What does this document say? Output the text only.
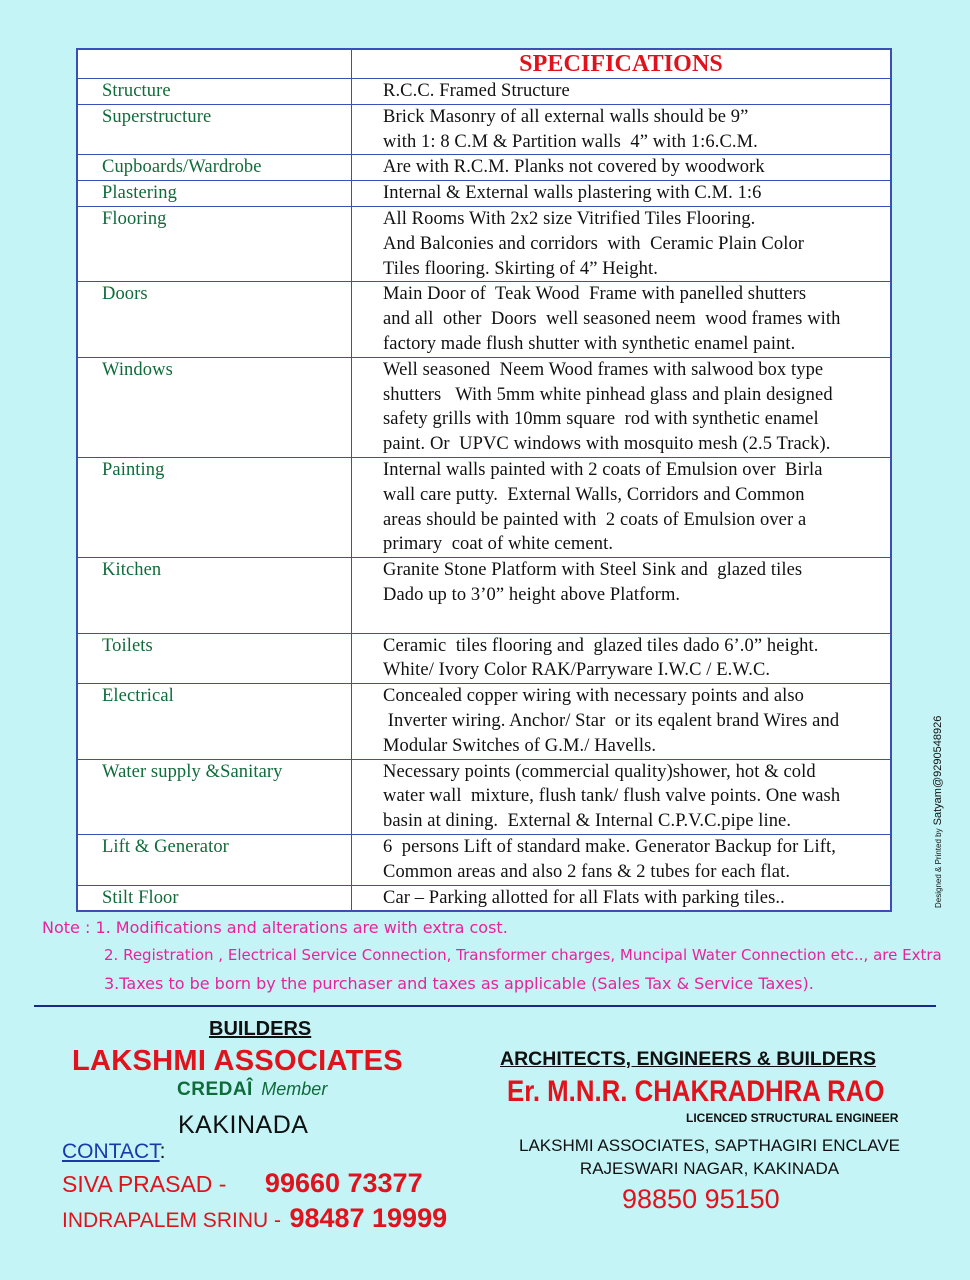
	SPECIFICATIONS
Structure	R.C.C. Framed Structure

Superstructure	Brick Masonry of all external walls should be 9”
with 1: 8 C.M & Partition walls  4” with 1:6.C.M.

Cupboards/Wardrobe	Are with R.C.M. Planks not covered by woodwork

Plastering	Internal & External walls plastering with C.M. 1:6

Flooring	All Rooms With 2x2 size Vitrified Tiles Flooring.
And Balconies and corridors  with  Ceramic Plain Color
Tiles flooring. Skirting of 4” Height.

Doors	Main Door of  Teak Wood  Frame with panelled shutters
and all  other  Doors  well seasoned neem  wood frames with
factory made flush shutter with synthetic enamel paint.

Windows	Well seasoned  Neem Wood frames with salwood box type
shutters   With 5mm white pinhead glass and plain designed
safety grills with 10mm square  rod with synthetic enamel
paint. Or  UPVC windows with mosquito mesh (2.5 Track).

Painting	Internal walls painted with 2 coats of Emulsion over  Birla
wall care putty.  External Walls, Corridors and Common
areas should be painted with  2 coats of Emulsion over a
primary  coat of white cement.

Kitchen	Granite Stone Platform with Steel Sink and  glazed tiles
Dado up to 3’0” height above Platform.

Toilets	Ceramic  tiles flooring and  glazed tiles dado 6’.0” height.
White/ Ivory Color RAK/Parryware I.W.C / E.W.C.

Electrical	Concealed copper wiring with necessary points and also
Inverter wiring. Anchor/ Star  or its eqalent brand Wires and
Modular Switches of G.M./ Havells.

Water supply &Sanitary	Necessary points (commercial quality)shower, hot & cold
water wall  mixture, flush tank/ flush valve points. One wash
basin at dining.  External & Internal C.P.V.C.pipe line.

Lift & Generator	6  persons Lift of standard make. Generator Backup for Lift,
Common areas and also 2 fans & 2 tubes for each flat.

Stilt Floor	Car – Parking allotted for all Flats with parking tiles..
Note : 1. Modifications and alterations are with extra cost.
2. Registration , Electrical Service Connection, Transformer charges, Muncipal Water Connection etc.., are Extra
3.Taxes to be born by the purchaser and taxes as applicable (Sales Tax & Service Taxes).
Designed & Printed by Satyam@9290548926
BUILDERS
LAKSHMI ASSOCIATES
CREDAÎ Member
KAKINADA
CONTACT:
SIVA PRASAD - 99660 73377
INDRAPALEM SRINU - 98487 19999
ARCHITECTS, ENGINEERS & BUILDERS
Er. M.N.R. CHAKRADHRA RAO
LICENCED STRUCTURAL ENGINEER
LAKSHMI ASSOCIATES, SAPTHAGIRI ENCLAVE
RAJESWARI NAGAR, KAKINADA
98850 95150
